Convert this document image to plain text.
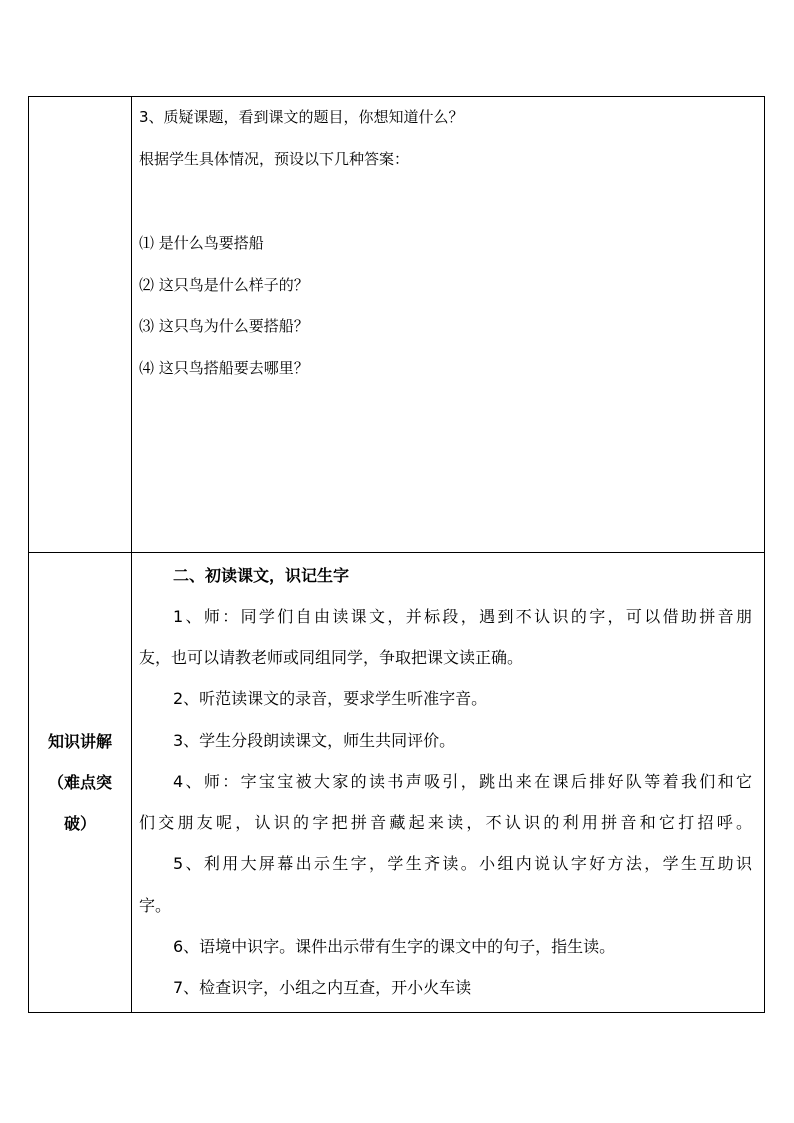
3、质疑课题，看到课文的题目，你想知道什么？
根据学生具体情况，预设以下几种答案：
⑴ 是什么鸟要搭船
⑵ 这只鸟是什么样子的？
⑶ 这只鸟为什么要搭船？
⑷ 这只鸟搭船要去哪里？
知识讲解
（难点突
破）
二、初读课文，识记生字
1、师：同学们自由读课文，并标段，遇到不认识的字，可以借助拼音朋
友，也可以请教老师或同组同学，争取把课文读正确。
2、听范读课文的录音，要求学生听准字音。
3、学生分段朗读课文，师生共同评价。
4、师：字宝宝被大家的读书声吸引，跳出来在课后排好队等着我们和它
们交朋友呢，认识的字把拼音藏起来读，不认识的利用拼音和它打招呼。
5、利用大屏幕出示生字，学生齐读。小组内说认字好方法，学生互助识
字。
6、语境中识字。课件出示带有生字的课文中的句子，指生读。
7、检查识字，小组之内互查，开小火车读
